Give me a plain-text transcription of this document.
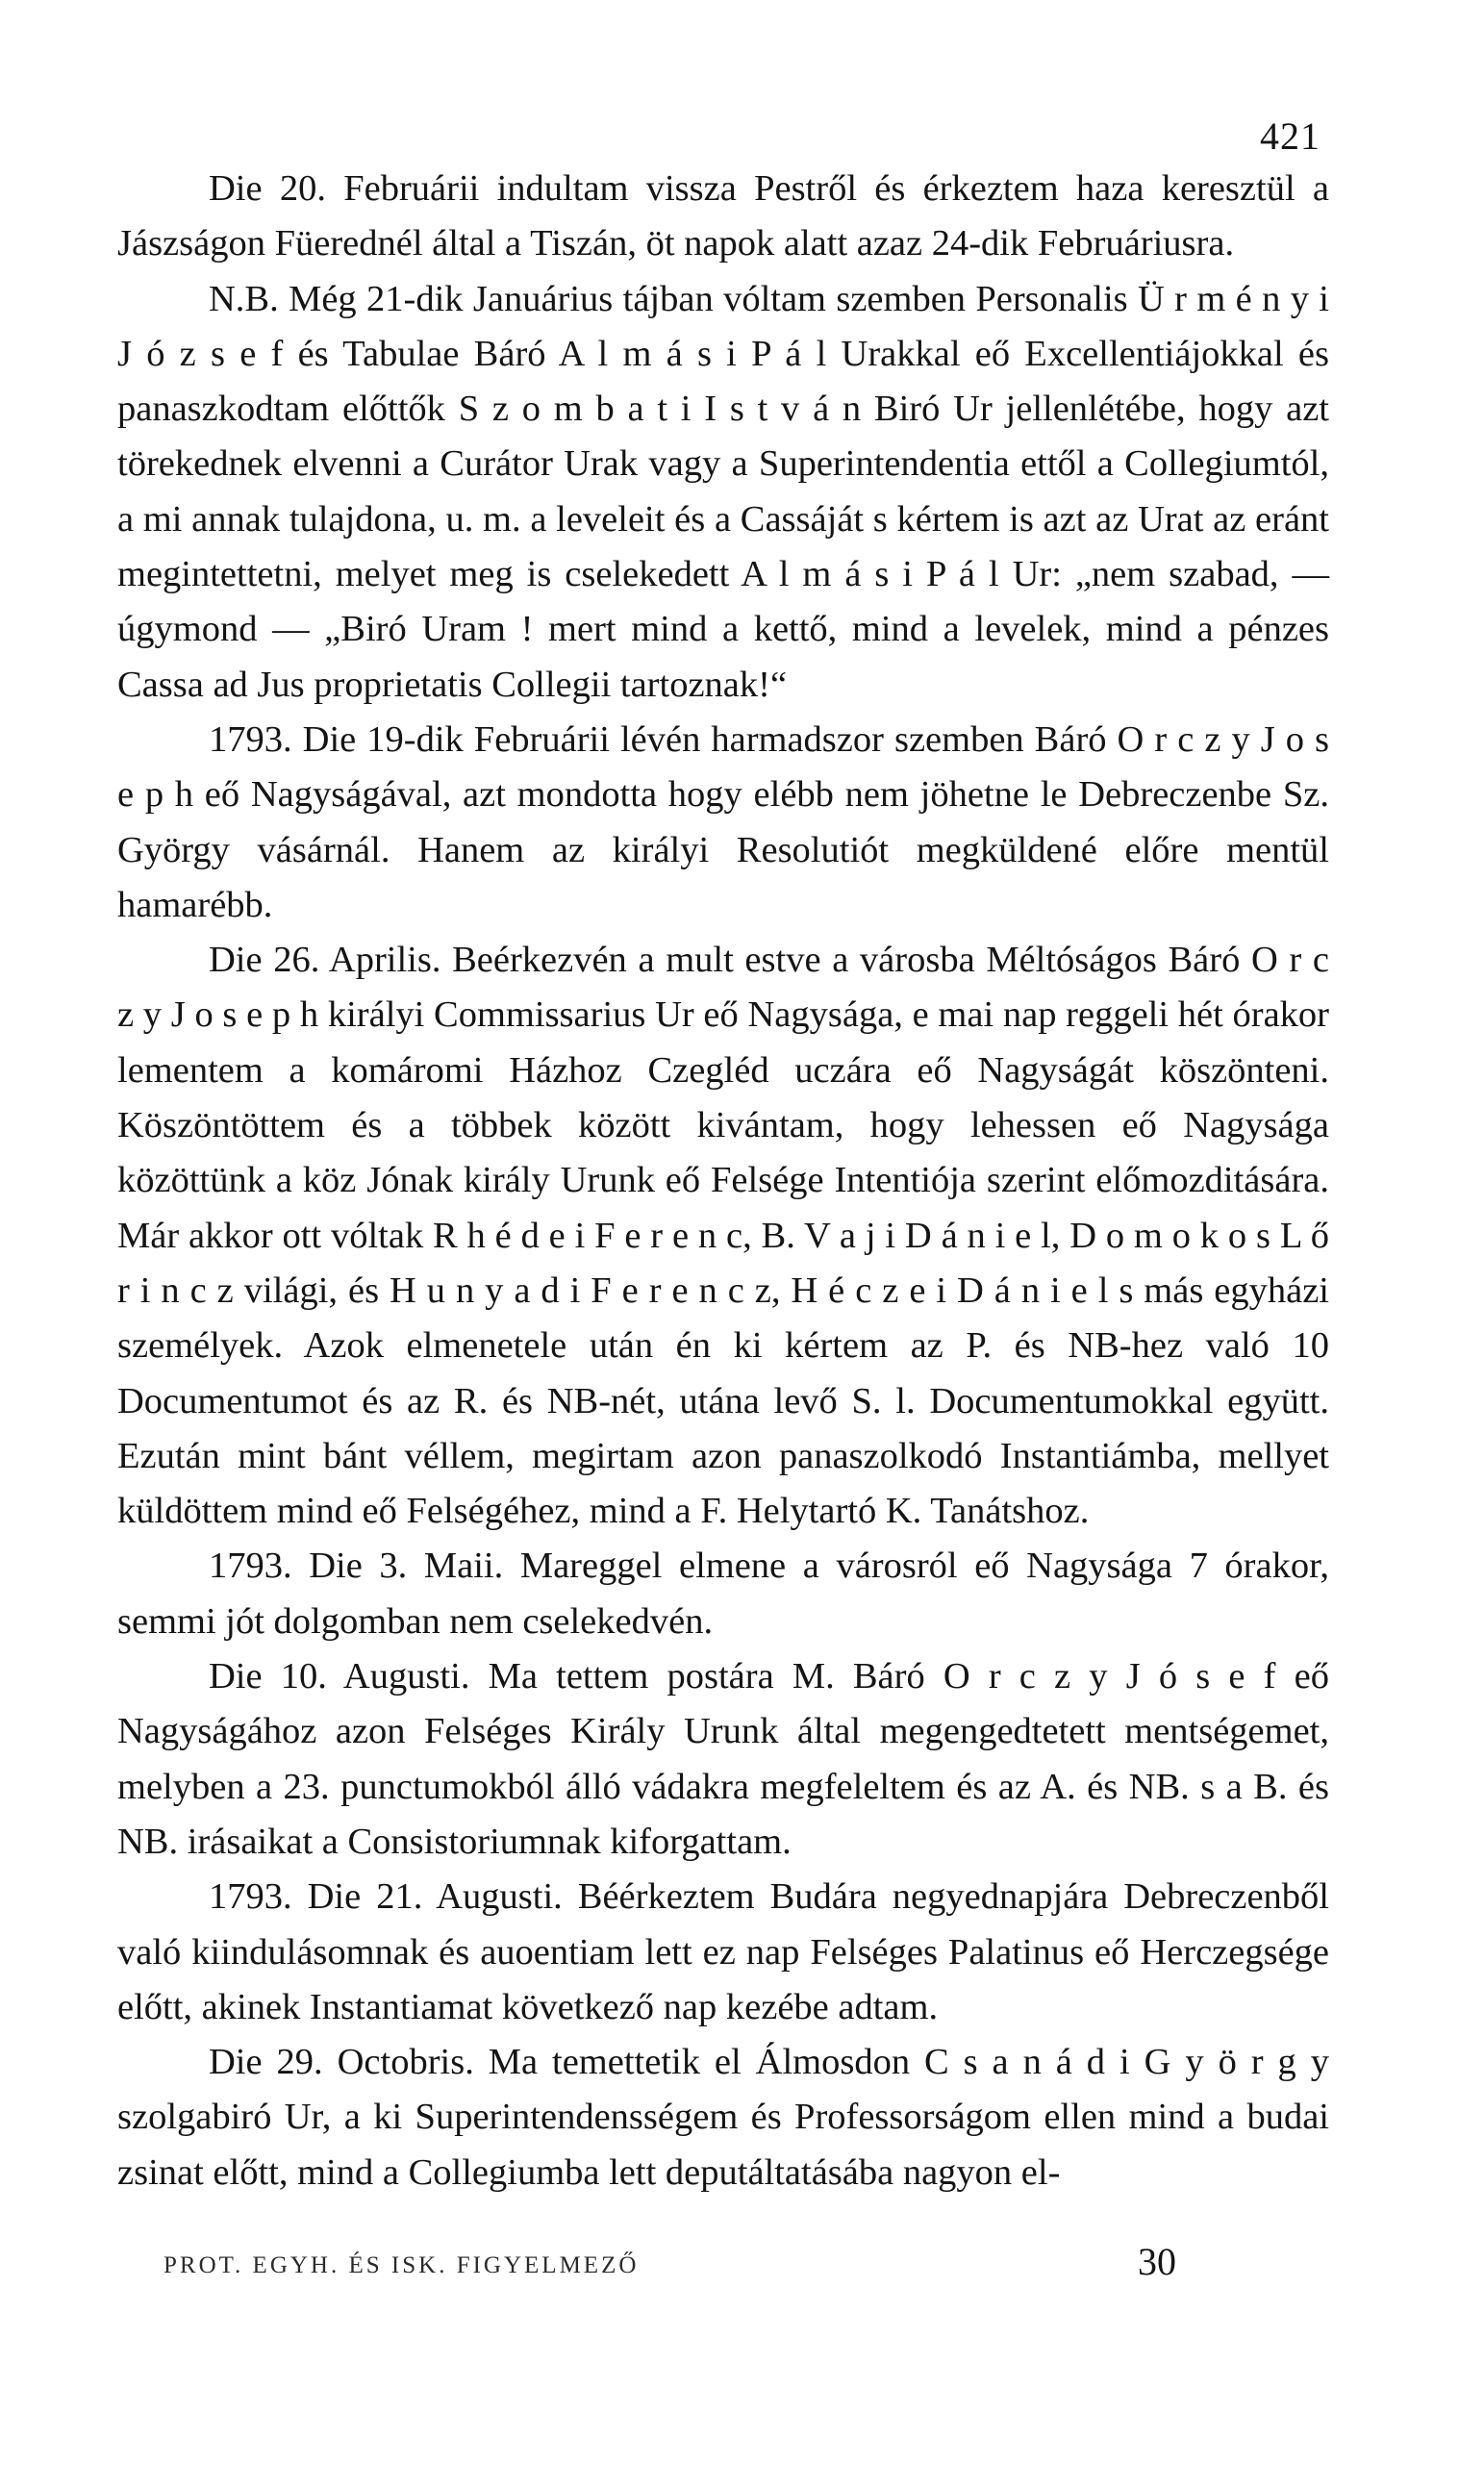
421

Die 20. Februárii indultam vissza Pestről és érkeztem haza keresztül a Jászságon Füerednél által a Tiszán, öt napok alatt azaz 24-dik Februáriusra.

N.B. Még 21-dik Januárius tájban vóltam szemben Personalis Ü r m é n y i J ó z s e f és Tabulae Báró A l m á s i P á l Urakkal eő Excellentiájokkal és panaszkodtam előttők S z o m b a t i I s t v á n Biró Ur jellenlétébe, hogy azt törekednek elvenni a Curátor Urak vagy a Superintendentia ettől a Collegiumtól, a mi annak tulajdona, u. m. a leveleit és a Cassáját s kértem is azt az Urat az eránt megintettetni, melyet meg is cselekedett A l m á s i P á l Ur: „nem szabad, — úgymond — „Biró Uram ! mert mind a kettő, mind a levelek, mind a pénzes Cassa ad Jus proprietatis Collegii tartoznak!“

1793. Die 19-dik Februárii lévén harmadszor szemben Báró O r c z y J o s e p h eő Nagyságával, azt mondotta hogy elébb nem jöhetne le Debreczenbe Sz. György vásárnál. Hanem az királyi Resolutiót megküldené előre mentül hamarébb.

Die 26. Aprilis. Beérkezvén a mult estve a városba Méltóságos Báró O r c z y J o s e p h királyi Commissarius Ur eő Nagysága, e mai nap reggeli hét órakor lementem a komáromi Házhoz Czegléd uczára eő Nagyságát köszönteni. Köszöntöttem és a többek között kivántam, hogy lehessen eő Nagysága közöttünk a köz Jónak király Urunk eő Felsége Intentiója szerint előmozditására. Már akkor ott vóltak R h é d e i F e r e n c, B. V a j i D á n i e l, D o m o k o s L ő r i n c z világi, és H u n y a d i F e r e n c z, H é c z e i D á n i e l s más egyházi személyek. Azok elmenetele után én ki kértem az P. és NB-hez való 10 Documentumot és az R. és NB-nét, utána levő S. l. Documentumokkal együtt. Ezután mint bánt véllem, megirtam azon panaszolkodó Instantiámba, mellyet küldöttem mind eő Felségéhez, mind a F. Helytartó K. Tanátshoz.

1793. Die 3. Maii. Mareggel elmene a városról eő Nagysága 7 órakor, semmi jót dolgomban nem cselekedvén.

Die 10. Augusti. Ma tettem postára M. Báró O r c z y J ó s e f eő Nagyságához azon Felséges Király Urunk által megengedtetett mentségemet, melyben a 23. punctumokból álló vádakra megfeleltem és az A. és NB. s a B. és NB. irásaikat a Consistoriumnak kiforgattam.

1793. Die 21. Augusti. Béérkeztem Budára negyednapjára Debreczenből való kiindulásomnak és auoentiam lett ez nap Felséges Palatinus eő Herczegsége előtt, akinek Instantiamat következő nap kezébe adtam.

Die 29. Octobris. Ma temettetik el Álmosdon C s a n á d i G y ö r g y szolgabiró Ur, a ki Superintendensségem és Professorságom ellen mind a budai zsinat előtt, mind a Collegiumba lett deputáltatásába nagyon el-

PROT. EGYH. ÉS ISK. FIGYELMEZŐ	30
